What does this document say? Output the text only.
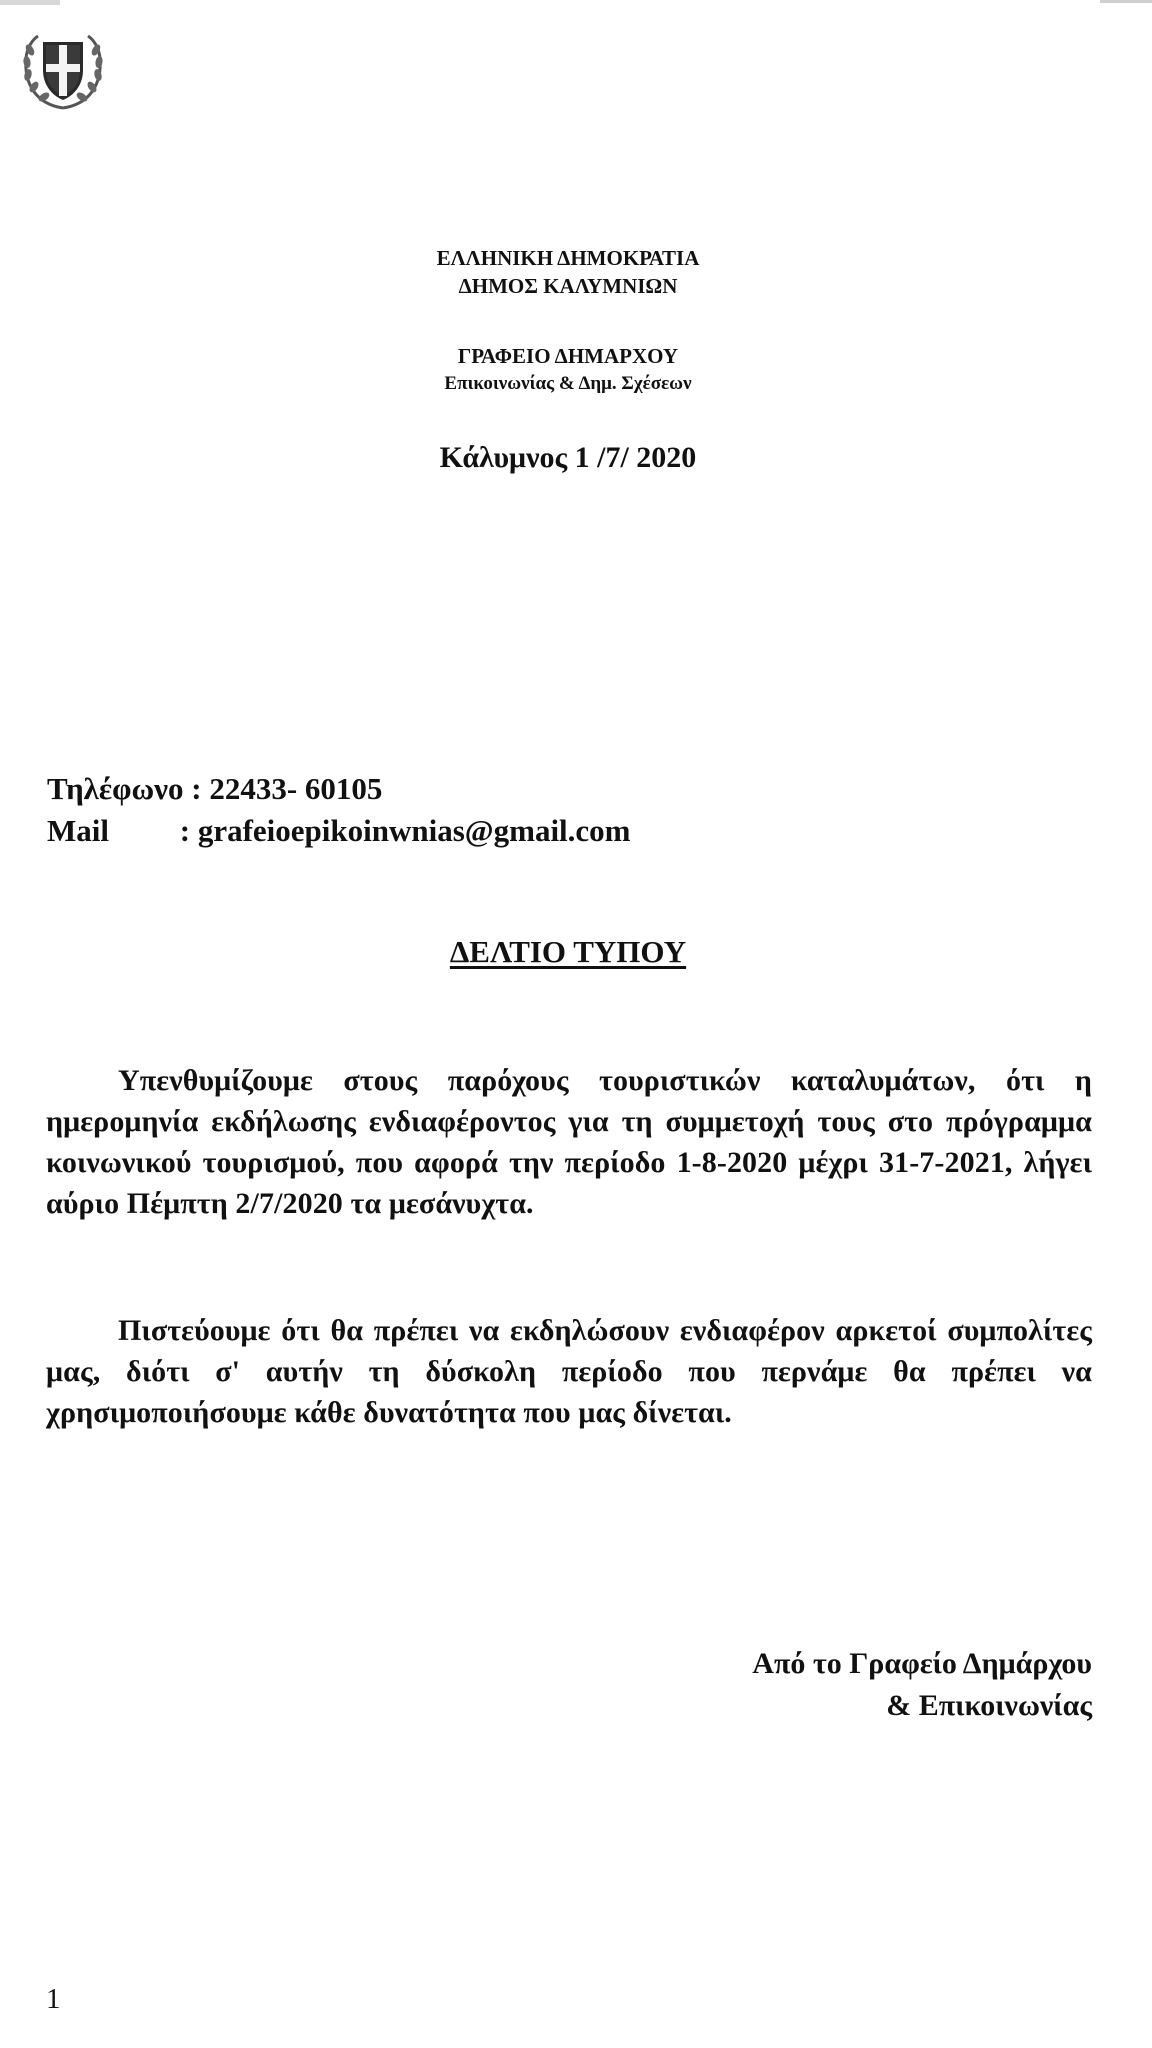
ΕΛΛΗΝΙΚΗ ΔΗΜΟΚΡΑΤΙΑ
ΔΗΜΟΣ ΚΑΛΥΜΝΙΩΝ
ΓΡΑΦΕΙΟ ΔΗΜΑΡΧΟΥ
Επικοινωνίας & Δημ. Σχέσεων
Κάλυμνος 1 /7/ 2020
Τηλέφωνο : 22433- 60105
Mail : grafeioepikoinwnias@gmail.com
ΔΕΛΤΙΟ ΤΥΠΟΥ
Υπενθυμίζουμε στους παρόχους τουριστικών καταλυμάτων, ότι η ημερομηνία εκδήλωσης ενδιαφέροντος για τη συμμετοχή τους στο πρόγραμμα κοινωνικού τουρισμού, που αφορά την περίοδο 1-8-2020 μέχρι 31-7-2021, λήγει αύριο Πέμπτη 2/7/2020 τα μεσάνυχτα.
Πιστεύουμε ότι θα πρέπει να εκδηλώσουν ενδιαφέρον αρκετοί συμπολίτες μας, διότι σ' αυτήν τη δύσκολη περίοδο που περνάμε θα πρέπει να χρησιμοποιήσουμε κάθε δυνατότητα που μας δίνεται.
Από το Γραφείο Δημάρχου
& Επικοινωνίας
1
